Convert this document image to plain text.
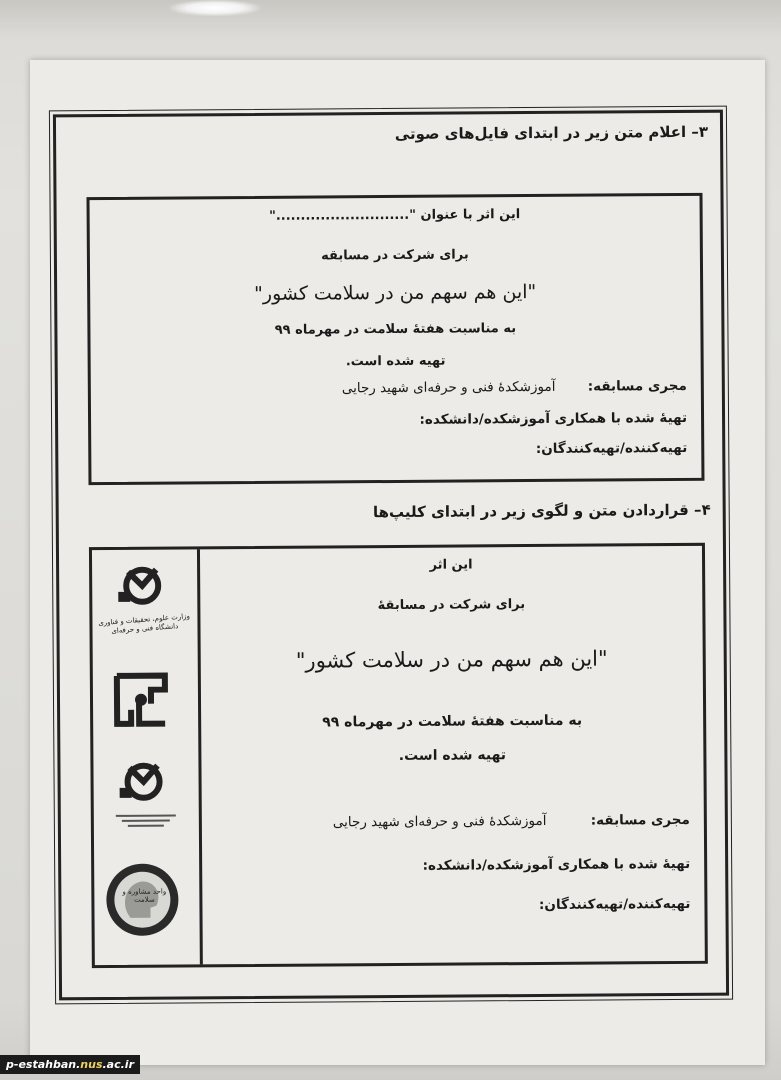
۳– اعلام متن زیر در ابتدای فایل‌های صوتی
این اثر با عنوان "..........................."
برای شرکت در مسابقه
"این هم سهم من در سلامت کشور"
به مناسبت هفتهٔ سلامت در مهرماه ۹۹
تهیه شده است.
مجری مسابقه: آموزشکدهٔ فنی و حرفه‌ای شهید رجایی
تهیهٔ شده با همکاری آموزشکده/دانشکده:
تهیه‌کننده/تهیه‌کنندگان:
۴– قراردادن متن و لگوی زیر در ابتدای کلیپ‌ها
وزارت علوم، تحقیقات و فناوری
دانشگاه فنی و حرفه‌ای
واحد مشاوره و سلامت
این اثر
برای شرکت در مسابقهٔ
"این هم سهم من در سلامت کشور"
به مناسبت هفتهٔ سلامت در مهرماه ۹۹
تهیه شده است.
مجری مسابقه: آموزشکدهٔ فنی و حرفه‌ای شهید رجایی
تهیهٔ شده با همکاری آموزشکده/دانشکده:
تهیه‌کننده/تهیه‌کنندگان:
p-estahban.nus.ac.ir
